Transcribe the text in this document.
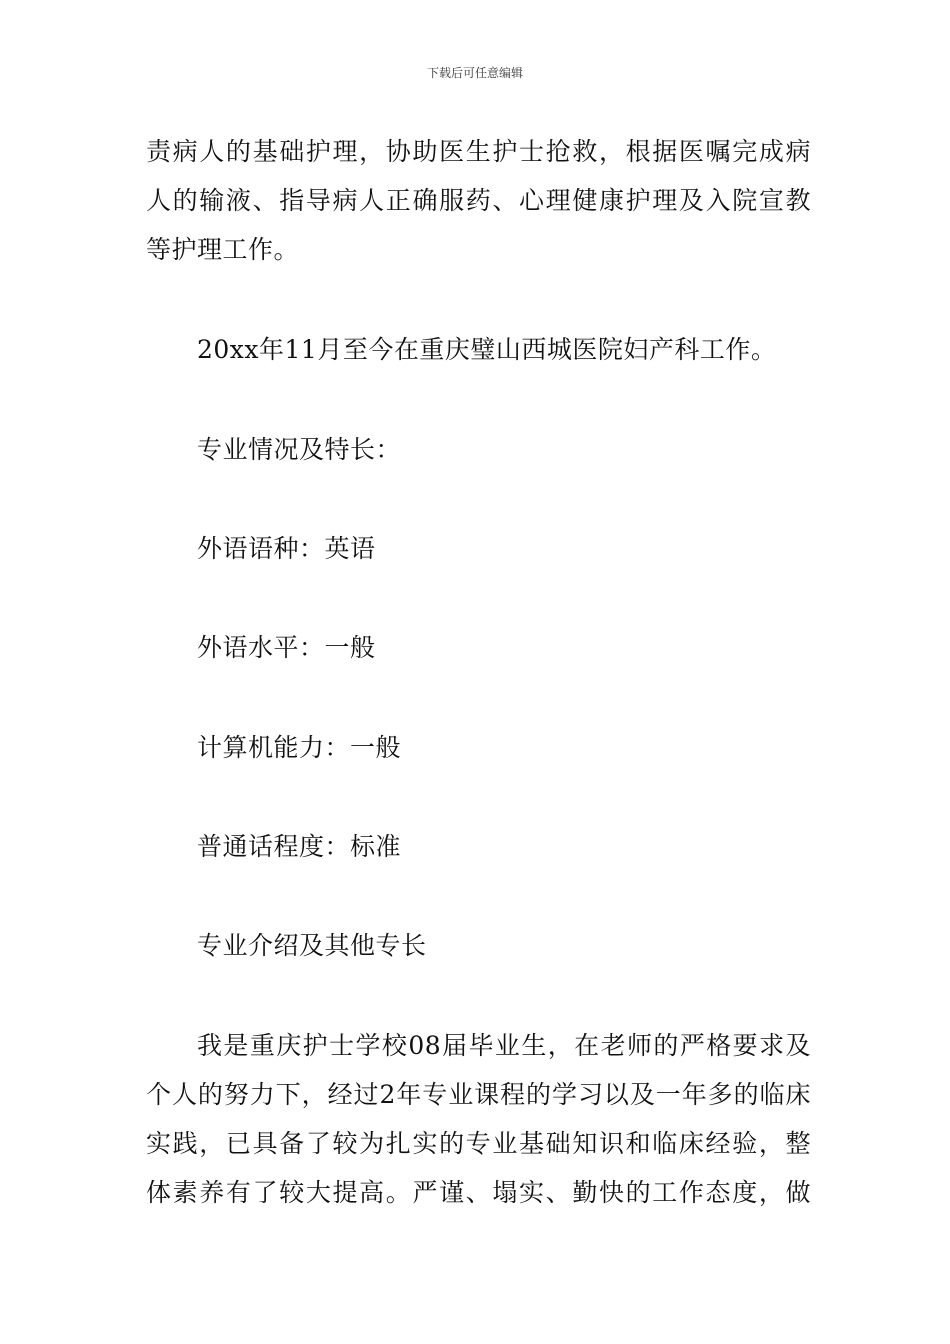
下载后可任意编辑
责病人的基础护理，协助医生护士抢救，根据医嘱完成病
人的输液、指导病人正确服药、心理健康护理及入院宣教
等护理工作。
20xx年11月至今在重庆璧山西城医院妇产科工作。
专业情况及特长：
外语语种：英语
外语水平：一般
计算机能力：一般
普通话程度：标准
专业介绍及其他专长
我是重庆护士学校08届毕业生，在老师的严格要求及
个人的努力下，经过2年专业课程的学习以及一年多的临床
实践，已具备了较为扎实的专业基础知识和临床经验，整
体素养有了较大提高。严谨、塌实、勤快的工作态度，做
